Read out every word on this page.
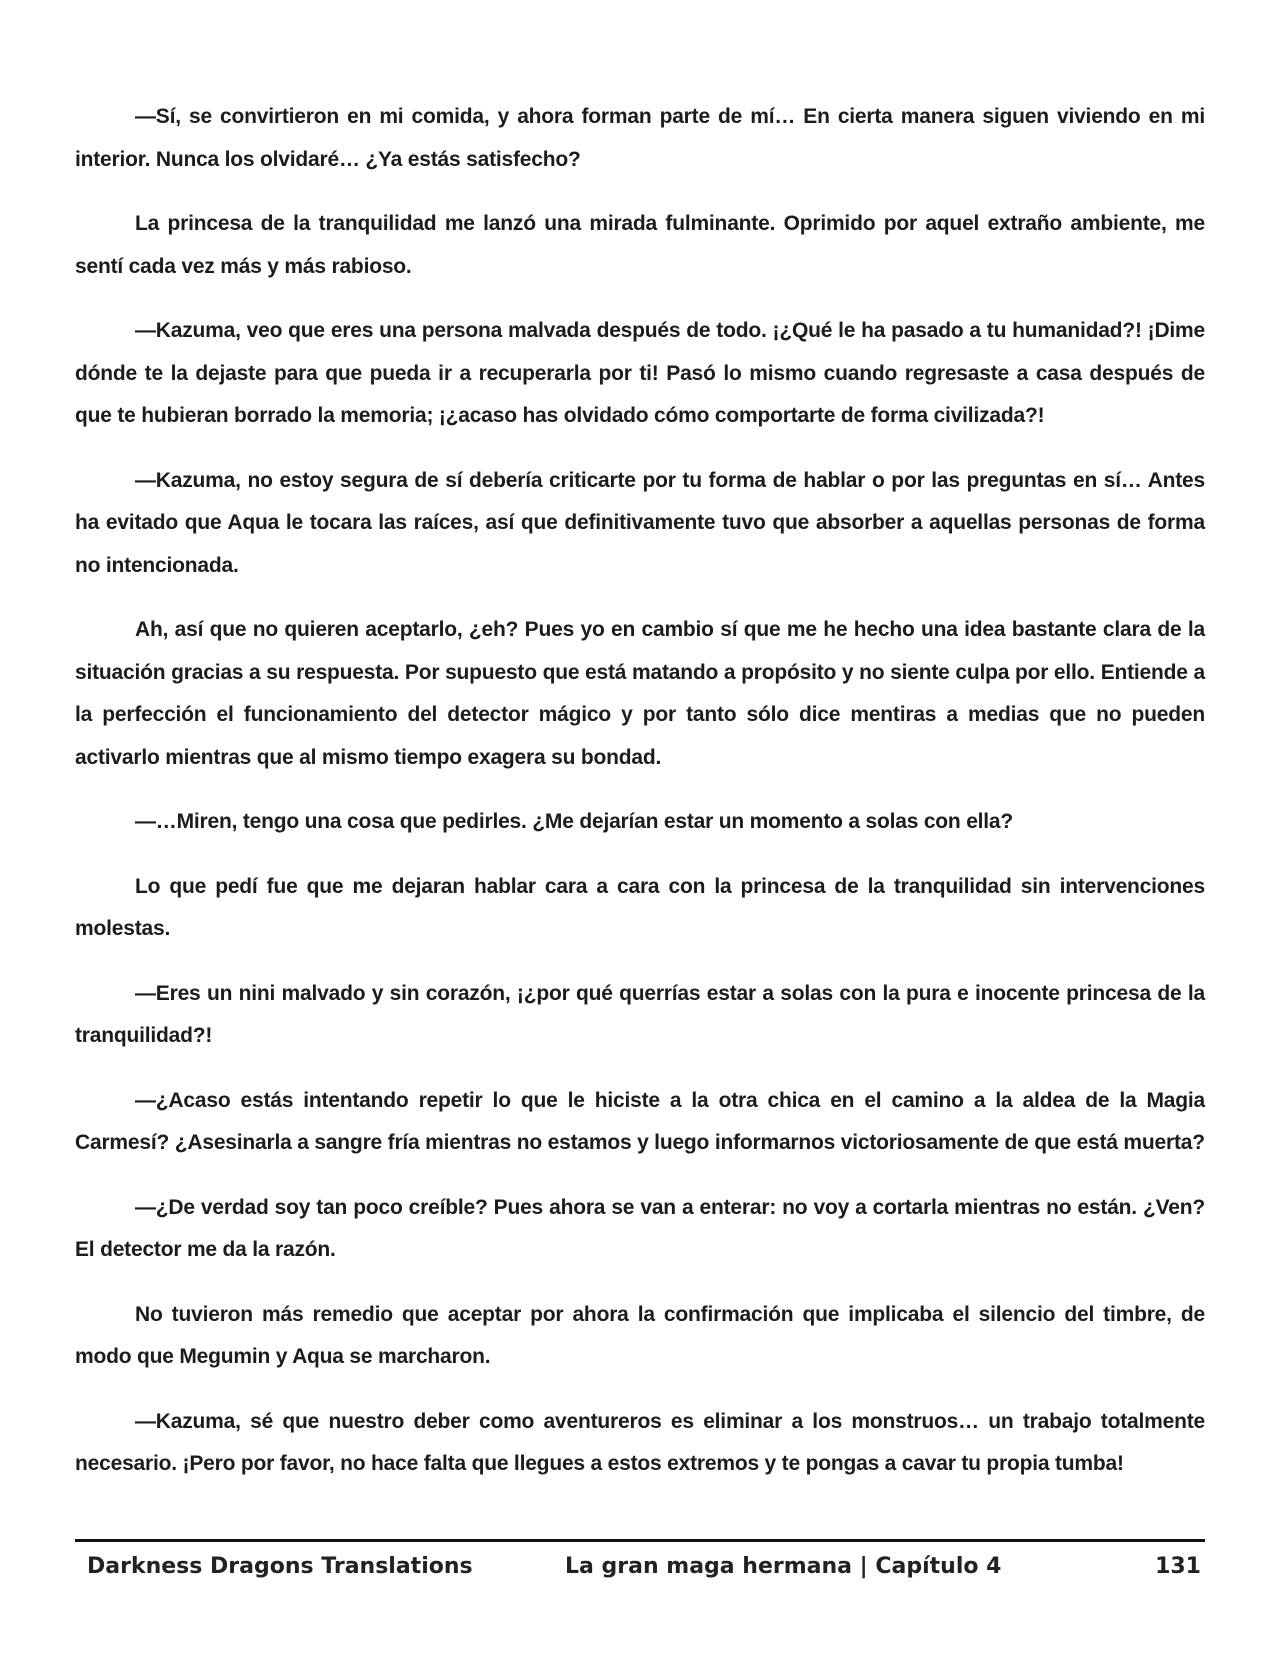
—Sí, se convirtieron en mi comida, y ahora forman parte de mí… En cierta manera siguen viviendo en mi interior. Nunca los olvidaré… ¿Ya estás satisfecho?

La princesa de la tranquilidad me lanzó una mirada fulminante. Oprimido por aquel extraño ambiente, me sentí cada vez más y más rabioso.

—Kazuma, veo que eres una persona malvada después de todo. ¡¿Qué le ha pasado a tu humanidad?! ¡Dime dónde te la dejaste para que pueda ir a recuperarla por ti! Pasó lo mismo cuando regresaste a casa después de que te hubieran borrado la memoria; ¡¿acaso has olvidado cómo comportarte de forma civilizada?!

—Kazuma, no estoy segura de sí debería criticarte por tu forma de hablar o por las preguntas en sí… Antes ha evitado que Aqua le tocara las raíces, así que definitivamente tuvo que absorber a aquellas personas de forma no intencionada.

Ah, así que no quieren aceptarlo, ¿eh? Pues yo en cambio sí que me he hecho una idea bastante clara de la situación gracias a su respuesta. Por supuesto que está matando a propósito y no siente culpa por ello. Entiende a la perfección el funcionamiento del detector mágico y por tanto sólo dice mentiras a medias que no pueden activarlo mientras que al mismo tiempo exagera su bondad.

—…Miren, tengo una cosa que pedirles. ¿Me dejarían estar un momento a solas con ella?

Lo que pedí fue que me dejaran hablar cara a cara con la princesa de la tranquilidad sin intervenciones molestas.

—Eres un nini malvado y sin corazón, ¡¿por qué querrías estar a solas con la pura e inocente princesa de la tranquilidad?!

—¿Acaso estás intentando repetir lo que le hiciste a la otra chica en el camino a la aldea de la Magia Carmesí? ¿Asesinarla a sangre fría mientras no estamos y luego informarnos victoriosamente de que está muerta?

—¿De verdad soy tan poco creíble? Pues ahora se van a enterar: no voy a cortarla mientras no están. ¿Ven? El detector me da la razón.

No tuvieron más remedio que aceptar por ahora la confirmación que implicaba el silencio del timbre, de modo que Megumin y Aqua se marcharon.

—Kazuma, sé que nuestro deber como aventureros es eliminar a los monstruos… un trabajo totalmente necesario. ¡Pero por favor, no hace falta que llegues a estos extremos y te pongas a cavar tu propia tumba!

Darkness Dragons Translations	La gran maga hermana | Capítulo 4	131
